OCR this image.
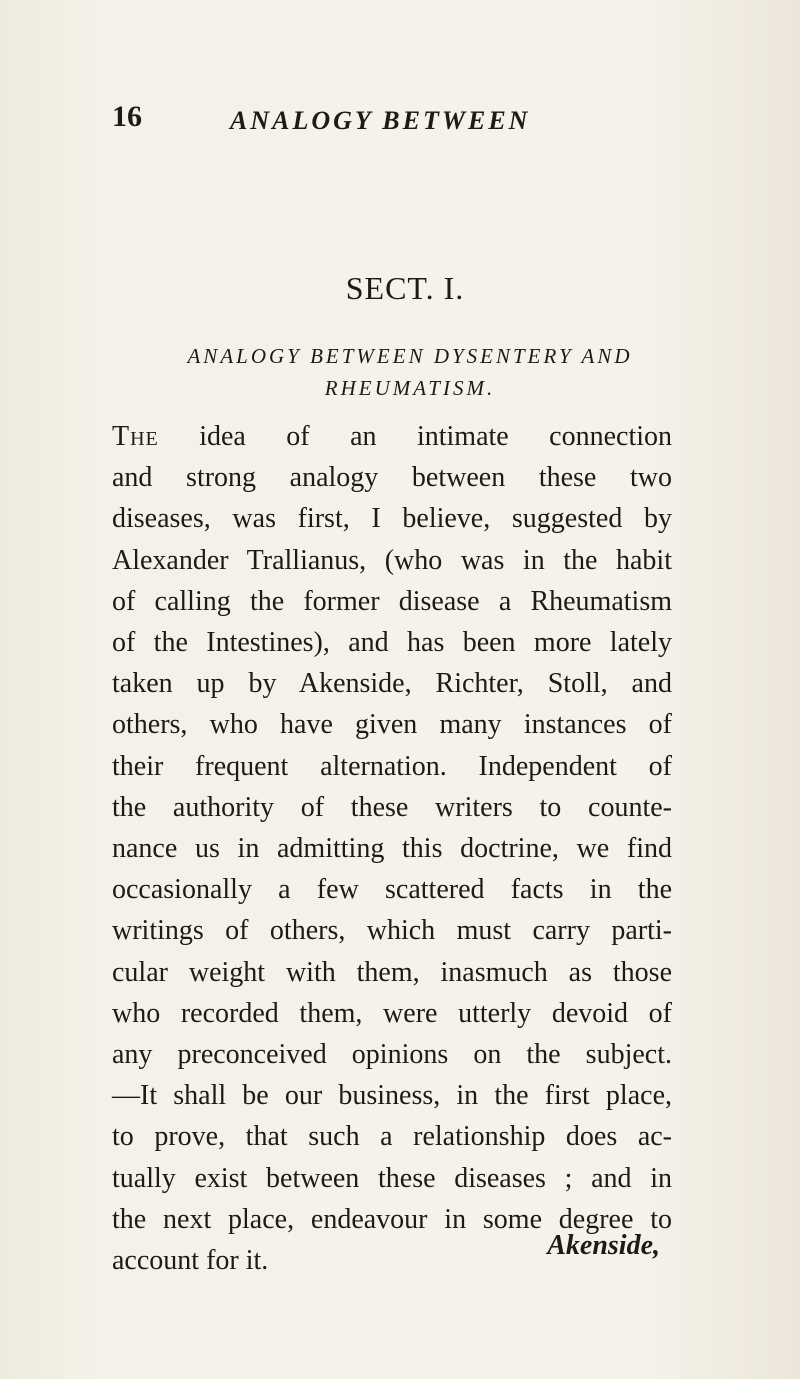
16	ANALOGY BETWEEN
SECT. I.
ANALOGY BETWEEN DYSENTERY AND
RHEUMATISM.
The idea of an intimate connection
and strong analogy between these two
diseases, was first, I believe, suggested by
Alexander Trallianus, (who was in the habit
of calling the former disease a Rheumatism
of the Intestines), and has been more lately
taken up by Akenside, Richter, Stoll, and
others, who have given many instances of
their frequent alternation. Independent of
the authority of these writers to counte-
nance us in admitting this doctrine, we find
occasionally a few scattered facts in the
writings of others, which must carry parti-
cular weight with them, inasmuch as those
who recorded them, were utterly devoid of
any preconceived opinions on the subject.
—It shall be our business, in the first place,
to prove, that such a relationship does ac-
tually exist between these diseases ; and in
the next place, endeavour in some degree to
account for it.	Akenside,
